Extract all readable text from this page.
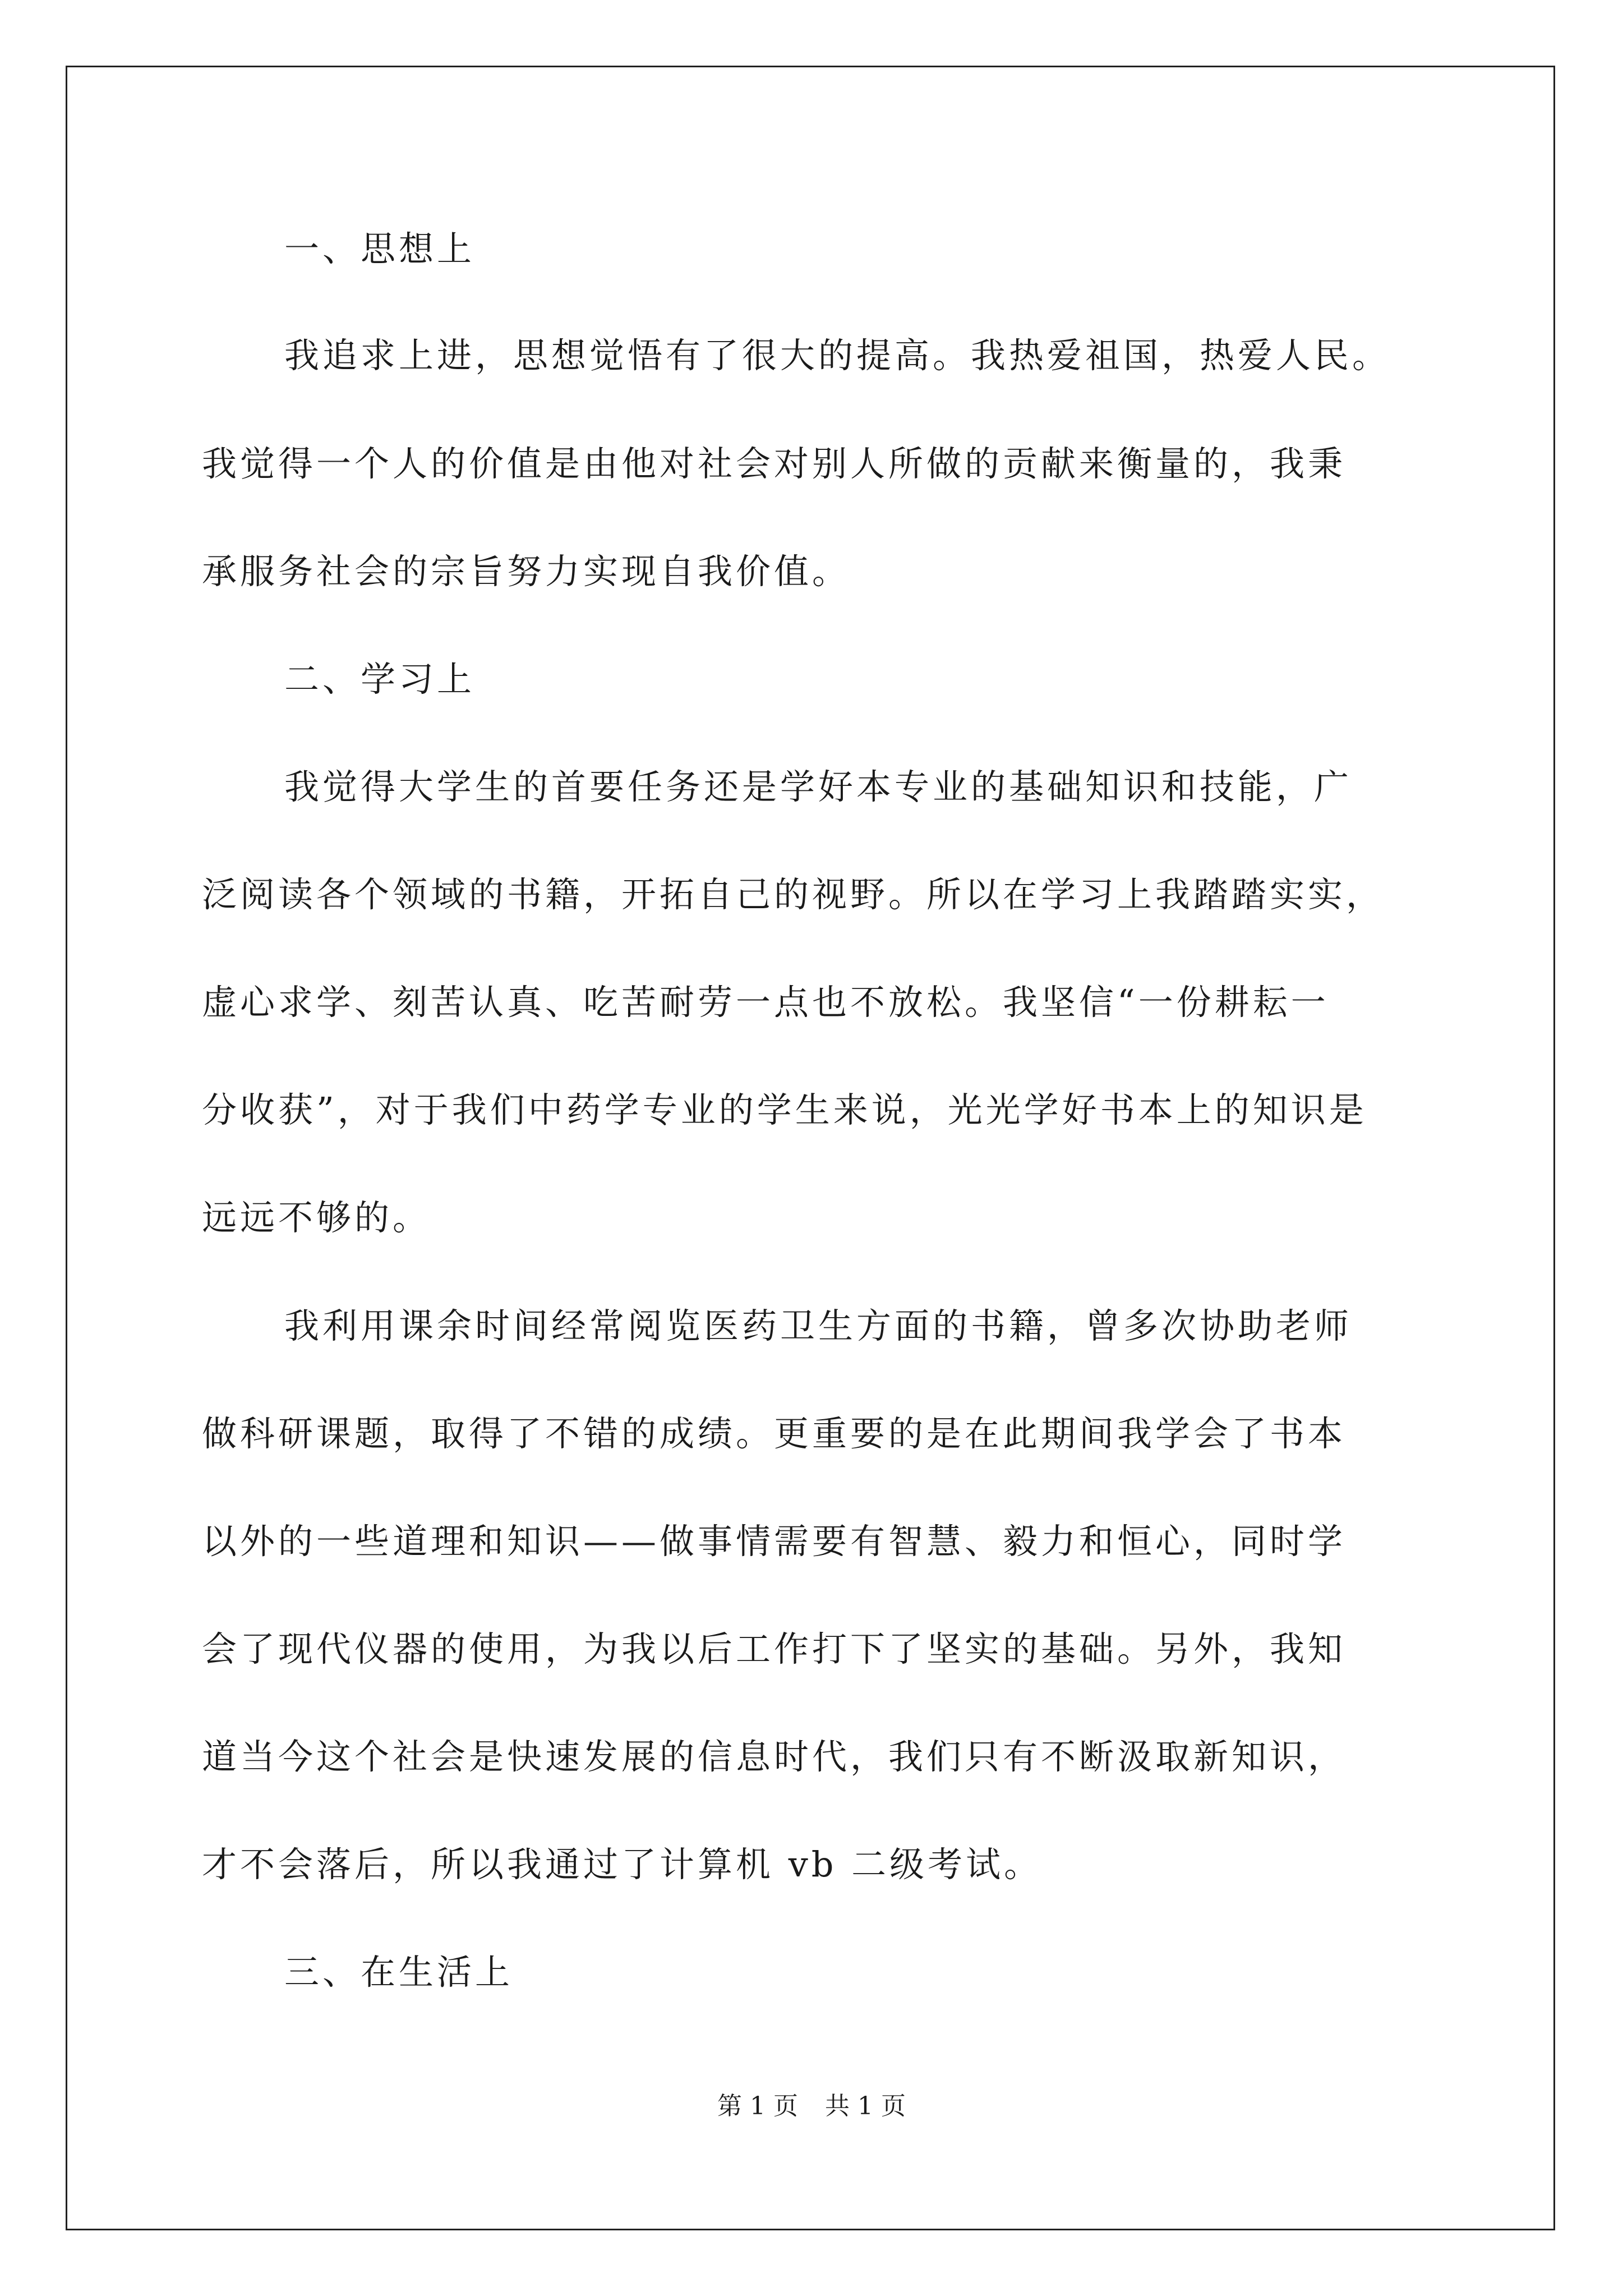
一、思想上
我追求上进，思想觉悟有了很大的提高。我热爱祖国，热爱人民。
我觉得一个人的价值是由他对社会对别人所做的贡献来衡量的，我秉
承服务社会的宗旨努力实现自我价值。
二、学习上
我觉得大学生的首要任务还是学好本专业的基础知识和技能，广
泛阅读各个领域的书籍，开拓自己的视野。所以在学习上我踏踏实实，
虚心求学、刻苦认真、吃苦耐劳一点也不放松。我坚信“一份耕耘一
分收获”，对于我们中药学专业的学生来说，光光学好书本上的知识是
远远不够的。
我利用课余时间经常阅览医药卫生方面的书籍，曾多次协助老师
做科研课题，取得了不错的成绩。更重要的是在此期间我学会了书本
以外的一些道理和知识——做事情需要有智慧、毅力和恒心，同时学
会了现代仪器的使用，为我以后工作打下了坚实的基础。另外，我知
道当今这个社会是快速发展的信息时代，我们只有不断汲取新知识，
才不会落后，所以我通过了计算机 vb 二级考试。
三、在生活上
第 1 页 共 1 页
